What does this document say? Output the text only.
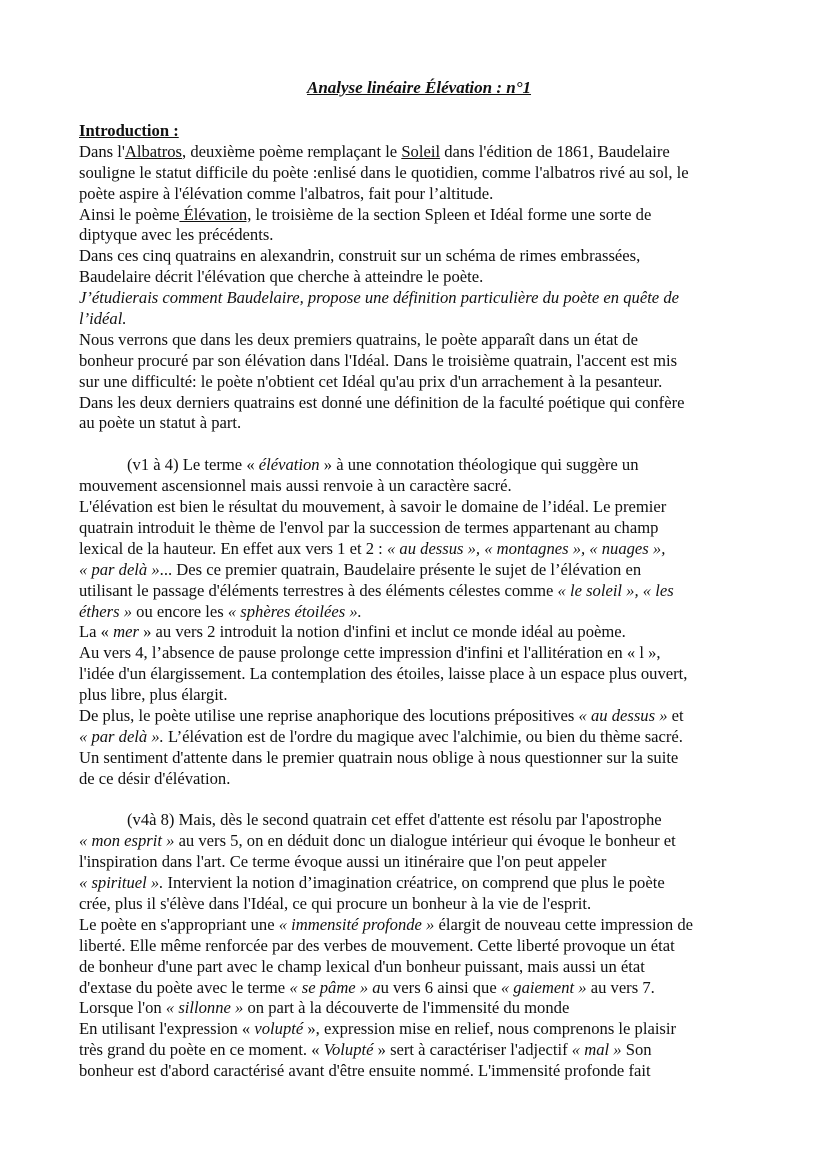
Analyse linéaire Élévation : n°1
Introduction :
Dans l'Albatros, deuxième poème remplaçant le Soleil dans l'édition de 1861, Baudelaire
souligne le statut difficile du poète :enlisé dans le quotidien, comme l'albatros rivé au sol, le
poète aspire à l'élévation comme l'albatros, fait pour l’altitude.
Ainsi le poème Élévation, le troisième de la section Spleen et Idéal forme une sorte de
diptyque avec les précédents.
Dans ces cinq quatrains en alexandrin, construit sur un schéma de rimes embrassées,
Baudelaire décrit l'élévation que cherche à atteindre le poète.
J’étudierais comment Baudelaire, propose une définition particulière du poète en quête de
l’idéal.
Nous verrons que dans les deux premiers quatrains, le poète apparaît dans un état de
bonheur procuré par son élévation dans l'Idéal. Dans le troisième quatrain, l'accent est mis
sur une difficulté: le poète n'obtient cet Idéal qu'au prix d'un arrachement à la pesanteur.
Dans les deux derniers quatrains est donné une définition de la faculté poétique qui confère
au poète un statut à part.
(v1 à 4) Le terme « élévation » à une connotation théologique qui suggère un
mouvement ascensionnel mais aussi renvoie à un caractère sacré.
L'élévation est bien le résultat du mouvement, à savoir le domaine de l’idéal. Le premier
quatrain introduit le thème de l'envol par la succession de termes appartenant au champ
lexical de la hauteur. En effet aux vers 1 et 2 : « au dessus », « montagnes », « nuages »,
« par delà »... Des ce premier quatrain, Baudelaire présente le sujet de l’élévation en
utilisant le passage d'éléments terrestres à des éléments célestes comme « le soleil », « les
éthers » ou encore les « sphères étoilées ».
La « mer » au vers 2 introduit la notion d'infini et inclut ce monde idéal au poème.
Au vers 4, l’absence de pause prolonge cette impression d'infini et l'allitération en « l »,
l'idée d'un élargissement. La contemplation des étoiles, laisse place à un espace plus ouvert,
plus libre, plus élargit.
De plus, le poète utilise une reprise anaphorique des locutions prépositives « au dessus » et
« par delà ». L’élévation est de l'ordre du magique avec l'alchimie, ou bien du thème sacré.
Un sentiment d'attente dans le premier quatrain nous oblige à nous questionner sur la suite
de ce désir d'élévation.
(v4à 8) Mais, dès le second quatrain cet effet d'attente est résolu par l'apostrophe
« mon esprit » au vers 5, on en déduit donc un dialogue intérieur qui évoque le bonheur et
l'inspiration dans l'art. Ce terme évoque aussi un itinéraire que l'on peut appeler
« spirituel ». Intervient la notion d’imagination créatrice, on comprend que plus le poète
crée, plus il s'élève dans l'Idéal, ce qui procure un bonheur à la vie de l'esprit.
Le poète en s'appropriant une « immensité profonde » élargit de nouveau cette impression de
liberté. Elle même renforcée par des verbes de mouvement. Cette liberté provoque un état
de bonheur d'une part avec le champ lexical d'un bonheur puissant, mais aussi un état
d'extase du poète avec le terme « se pâme » au vers 6 ainsi que « gaiement » au vers 7.
Lorsque l'on « sillonne » on part à la découverte de l'immensité du monde
En utilisant l'expression « volupté », expression mise en relief, nous comprenons le plaisir
très grand du poète en ce moment. « Volupté » sert à caractériser l'adjectif « mal » Son
bonheur est d'abord caractérisé avant d'être ensuite nommé. L'immensité profonde fait
